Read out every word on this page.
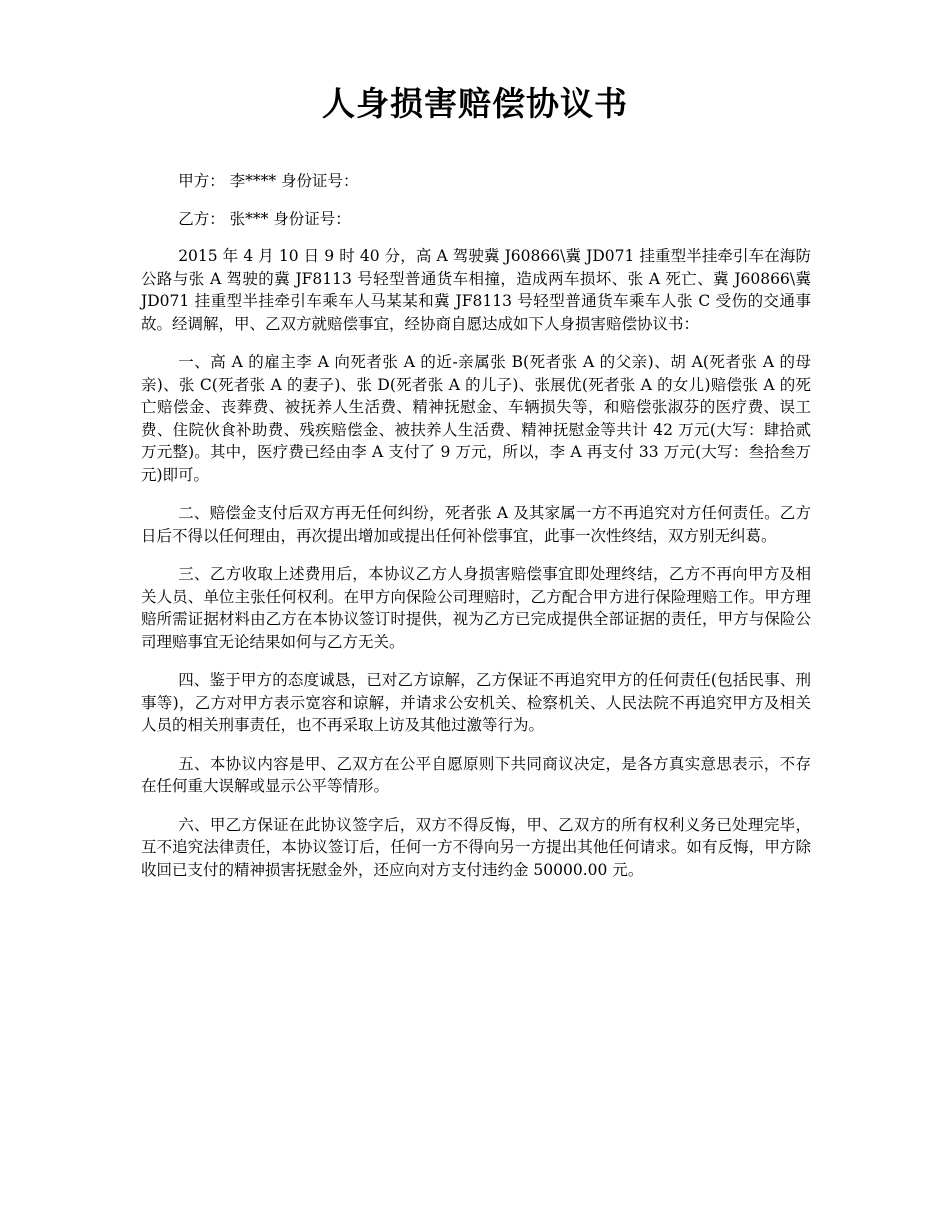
人身损害赔偿协议书

甲方： 李**** 身份证号：

乙方： 张*** 身份证号：

2015 年 4 月 10 日 9 时 40 分，高 A 驾驶冀 J60866\冀 JD071 挂重型半挂牵引车在海防公路与张 A 驾驶的冀 JF8113 号轻型普通货车相撞，造成两车损坏、张 A 死亡、冀 J60866\冀 JD071 挂重型半挂牵引车乘车人马某某和冀 JF8113 号轻型普通货车乘车人张 C 受伤的交通事故。经调解，甲、乙双方就赔偿事宜，经协商自愿达成如下人身损害赔偿协议书：

一、高 A 的雇主李 A 向死者张 A 的近-亲属张 B(死者张 A 的父亲)、胡 A(死者张 A 的母亲)、张 C(死者张 A 的妻子)、张 D(死者张 A 的儿子)、张展优(死者张 A 的女儿)赔偿张 A 的死亡赔偿金、丧葬费、被抚养人生活费、精神抚慰金、车辆损失等，和赔偿张淑芬的医疗费、误工费、住院伙食补助费、残疾赔偿金、被扶养人生活费、精神抚慰金等共计 42 万元(大写：肆拾贰万元整)。其中，医疗费已经由李 A 支付了 9 万元，所以，李 A 再支付 33 万元(大写：叁拾叁万元)即可。

二、赔偿金支付后双方再无任何纠纷，死者张 A 及其家属一方不再追究对方任何责任。乙方日后不得以任何理由，再次提出增加或提出任何补偿事宜，此事一次性终结，双方别无纠葛。

三、乙方收取上述费用后，本协议乙方人身损害赔偿事宜即处理终结，乙方不再向甲方及相关人员、单位主张任何权利。在甲方向保险公司理赔时，乙方配合甲方进行保险理赔工作。甲方理赔所需证据材料由乙方在本协议签订时提供，视为乙方已完成提供全部证据的责任，甲方与保险公司理赔事宜无论结果如何与乙方无关。

四、鉴于甲方的态度诚恳，已对乙方谅解，乙方保证不再追究甲方的任何责任(包括民事、刑事等)，乙方对甲方表示宽容和谅解，并请求公安机关、检察机关、人民法院不再追究甲方及相关人员的相关刑事责任，也不再采取上访及其他过激等行为。

五、本协议内容是甲、乙双方在公平自愿原则下共同商议决定，是各方真实意思表示，不存在任何重大误解或显示公平等情形。

六、甲乙方保证在此协议签字后，双方不得反悔，甲、乙双方的所有权利义务已处理完毕，互不追究法律责任，本协议签订后，任何一方不得向另一方提出其他任何请求。如有反悔，甲方除收回已支付的精神损害抚慰金外，还应向对方支付违约金 50000.00 元。
